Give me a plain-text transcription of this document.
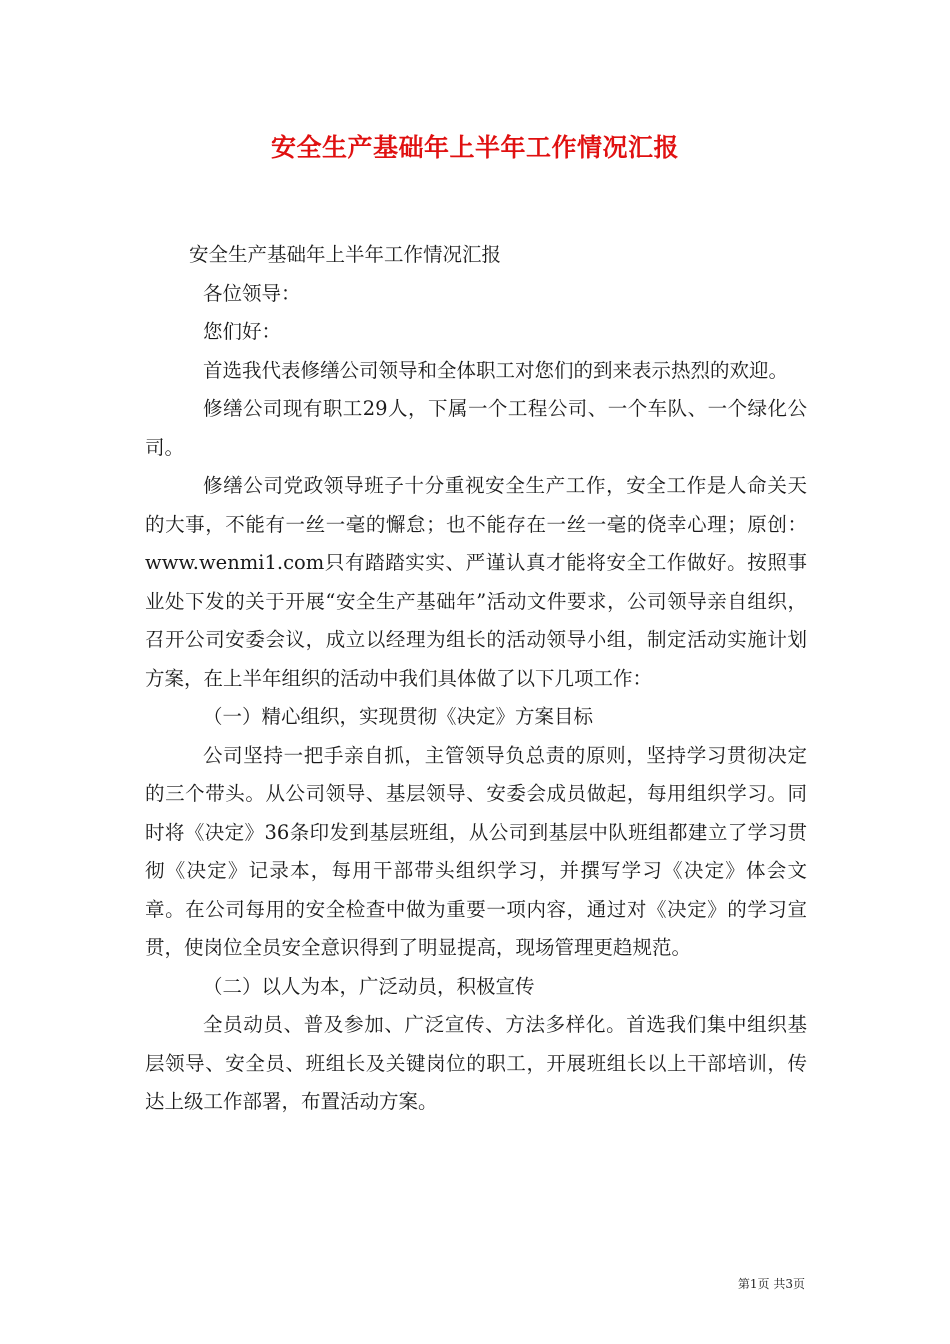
安全生产基础年上半年工作情况汇报

安全生产基础年上半年工作情况汇报

各位领导：

您们好：

首选我代表修缮公司领导和全体职工对您们的到来表示热烈的欢迎。

修缮公司现有职工29人，下属一个工程公司、一个车队、一个绿化公司。

修缮公司党政领导班子十分重视安全生产工作，安全工作是人命关天的大事，不能有一丝一毫的懈怠；也不能存在一丝一毫的侥幸心理；原创：www.wenmi1.com只有踏踏实实、严谨认真才能将安全工作做好。按照事业处下发的关于开展“安全生产基础年”活动文件要求，公司领导亲自组织，召开公司安委会议，成立以经理为组长的活动领导小组，制定活动实施计划方案，在上半年组织的活动中我们具体做了以下几项工作：

（一）精心组织，实现贯彻《决定》方案目标

公司坚持一把手亲自抓，主管领导负总责的原则，坚持学习贯彻决定的三个带头。从公司领导、基层领导、安委会成员做起，每用组织学习。同时将《决定》36条印发到基层班组，从公司到基层中队班组都建立了学习贯彻《决定》记录本，每用干部带头组织学习，并撰写学习《决定》体会文章。在公司每用的安全检查中做为重要一项内容，通过对《决定》的学习宣贯，使岗位全员安全意识得到了明显提高，现场管理更趋规范。

（二）以人为本，广泛动员，积极宣传

全员动员、普及参加、广泛宣传、方法多样化。首选我们集中组织基层领导、安全员、班组长及关键岗位的职工，开展班组长以上干部培训，传达上级工作部署，布置活动方案。

第1页 共3页
